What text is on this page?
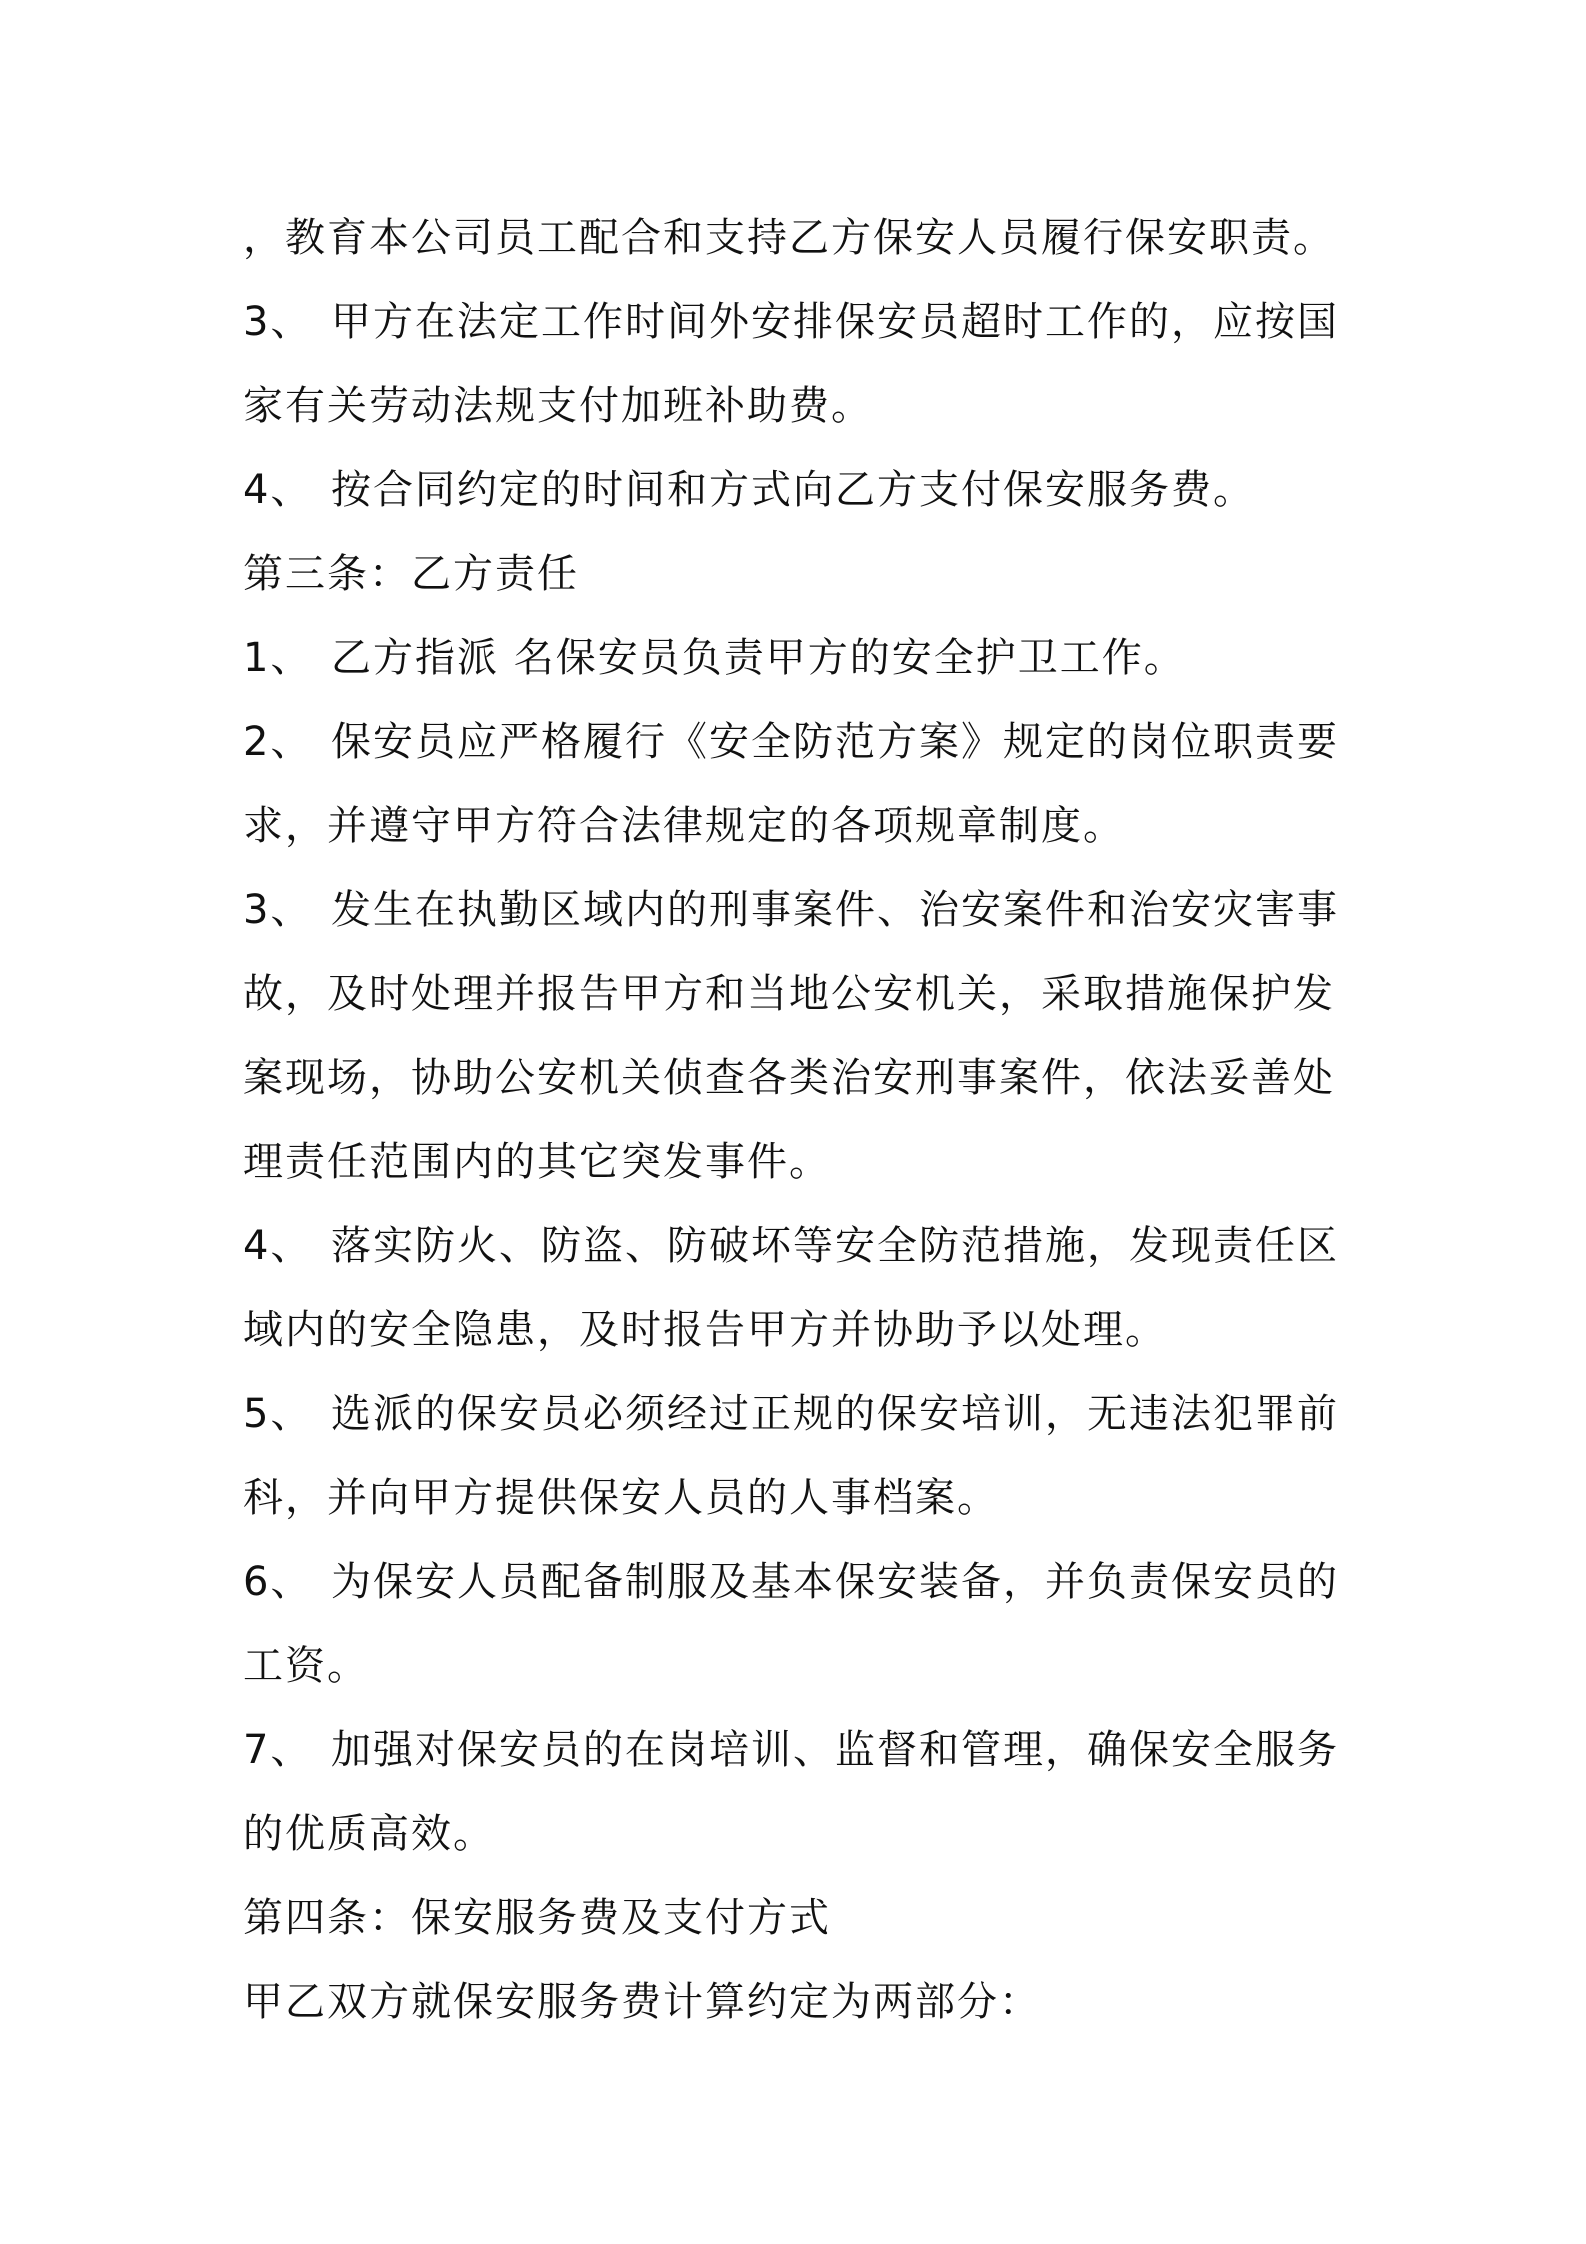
，教育本公司员工配合和支持乙方保安人员履行保安职责。
3、 甲方在法定工作时间外安排保安员超时工作的，应按国
家有关劳动法规支付加班补助费。
4、 按合同约定的时间和方式向乙方支付保安服务费。
第三条：乙方责任
1、 乙方指派 名保安员负责甲方的安全护卫工作。
2、 保安员应严格履行《安全防范方案》规定的岗位职责要
求，并遵守甲方符合法律规定的各项规章制度。
3、 发生在执勤区域内的刑事案件、治安案件和治安灾害事
故，及时处理并报告甲方和当地公安机关，采取措施保护发
案现场，协助公安机关侦查各类治安刑事案件，依法妥善处
理责任范围内的其它突发事件。
4、 落实防火、防盗、防破坏等安全防范措施，发现责任区
域内的安全隐患，及时报告甲方并协助予以处理。
5、 选派的保安员必须经过正规的保安培训，无违法犯罪前
科，并向甲方提供保安人员的人事档案。
6、 为保安人员配备制服及基本保安装备，并负责保安员的
工资。
7、 加强对保安员的在岗培训、监督和管理，确保安全服务
的优质高效。
第四条：保安服务费及支付方式
甲乙双方就保安服务费计算约定为两部分：
